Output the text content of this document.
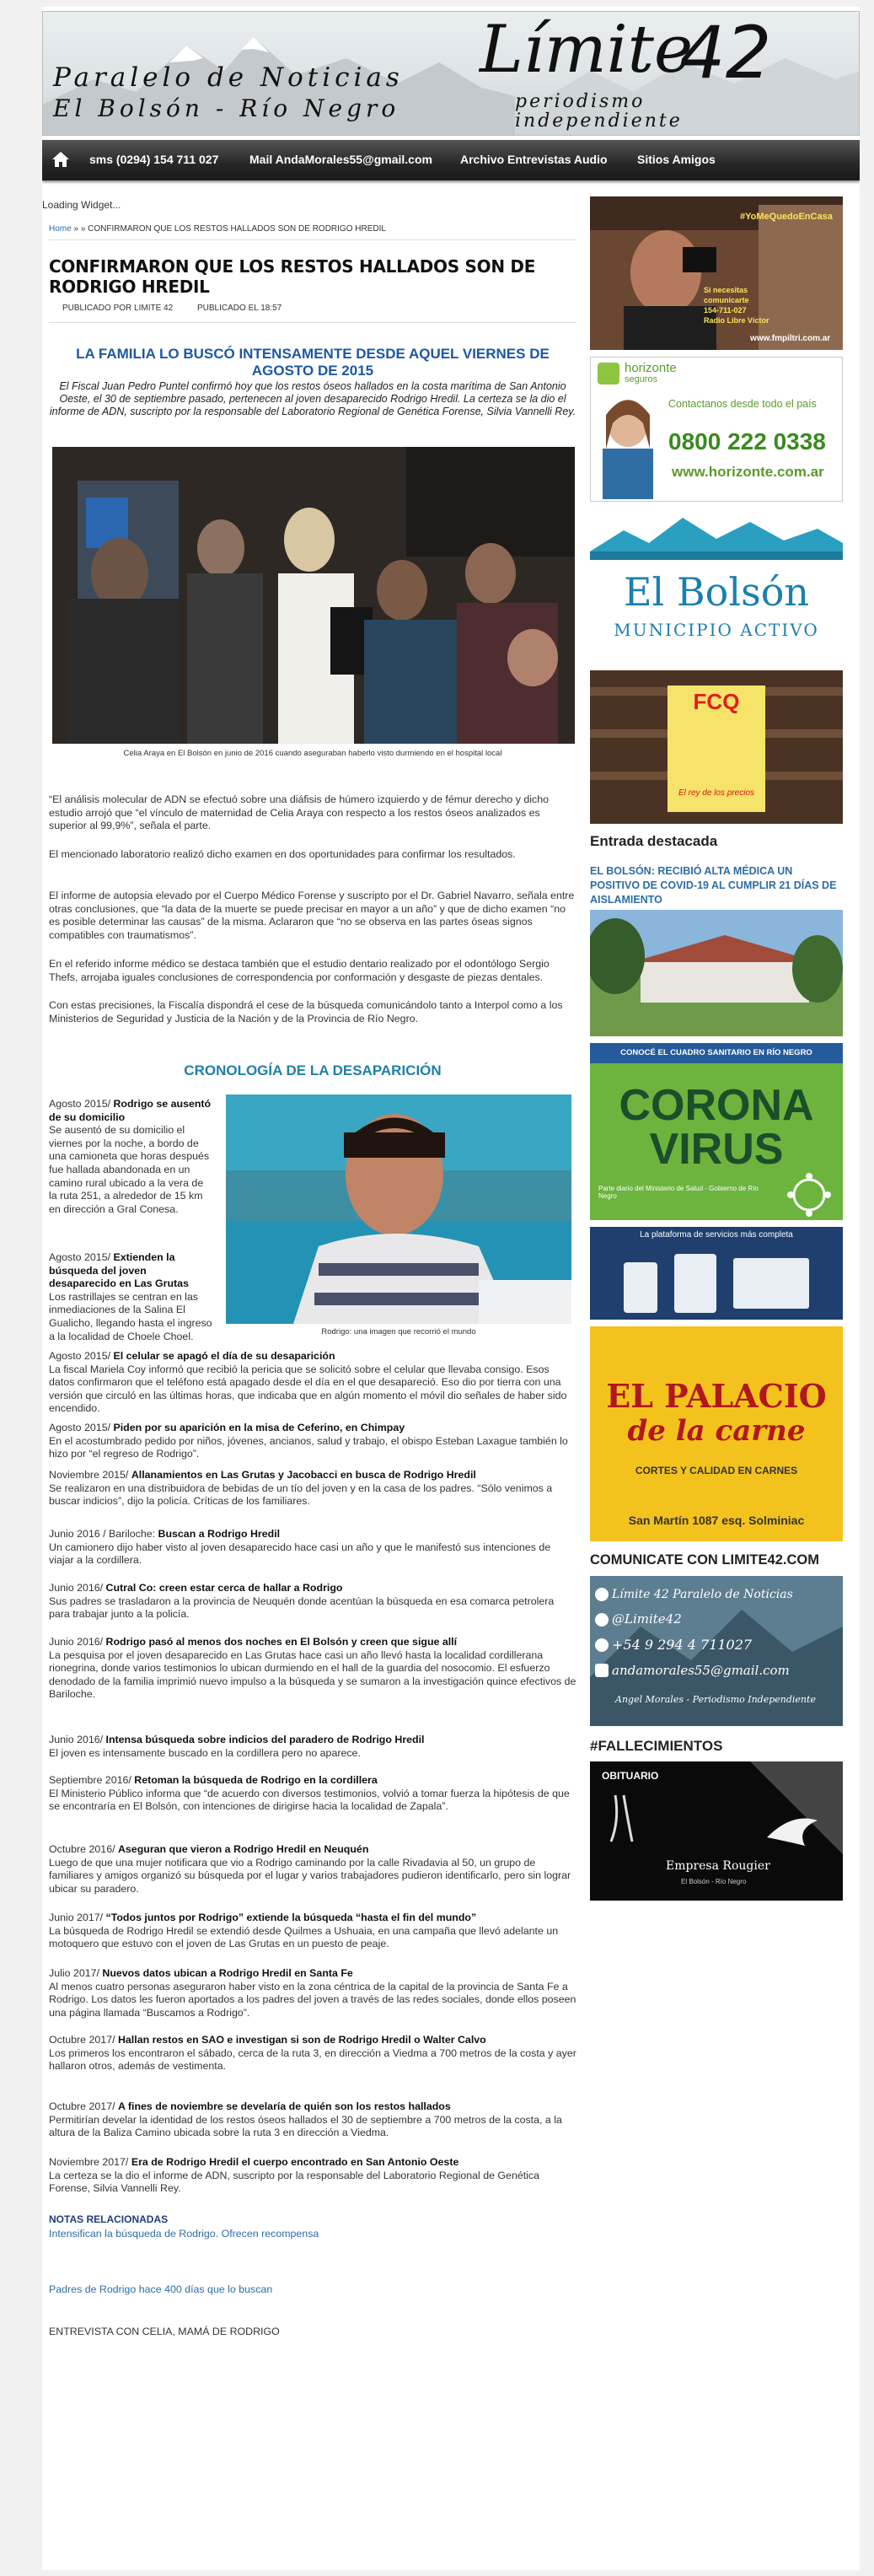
Paralelo de Noticias
El Bolsón - Río Negro
Límite
42
periodismo
independiente
sms (0294) 154 711 027	Mail AndaMorales55@gmail.com Archivo Entrevistas Audio	Sitios Amigos
Loading Widget...
Home » » CONFIRMARON QUE LOS RESTOS HALLADOS SON DE RODRIGO HREDIL
CONFIRMARON QUE LOS RESTOS HALLADOS SON DE RODRIGO HREDIL
PUBLICADO POR LIMITE 42	PUBLICADO EL 18:57
LA FAMILIA LO BUSCÓ INTENSAMENTE DESDE AQUEL VIERNES DE AGOSTO DE 2015
El Fiscal Juan Pedro Puntel confirmó hoy que los restos óseos hallados en la costa marítima de San Antonio Oeste, el 30 de septiembre pasado, pertenecen al joven desaparecido Rodrigo Hredil. La certeza se la dio el informe de ADN, suscripto por la responsable del Laboratorio Regional de Genética Forense, Silvia Vannelli Rey.
Celia Araya en El Bolsón en junio de 2016 cuando aseguraban haberlo visto durmiendo en el hospital local
“El análisis molecular de ADN se efectuó sobre una diáfisis de húmero izquierdo y de fémur derecho y dicho estudio arrojó que “el vínculo de maternidad de Celia Araya con respecto a los restos óseos analizados es superior al 99,9%”, señala el parte.
El mencionado laboratorio realizó dicho examen en dos oportunidades para confirmar los resultados.
El informe de autopsia elevado por el Cuerpo Médico Forense y suscripto por el Dr. Gabriel Navarro, señala entre otras conclusiones, que “la data de la muerte se puede precisar en mayor a un año” y que de dicho examen “no es posible determinar las causas” de la misma. Aclararon que “no se observa en las partes óseas signos compatibles con traumatismos”.
En el referido informe médico se destaca también que el estudio dentario realizado por el odontólogo Sergio Thefs, arrojaba iguales conclusiones de correspondencia por conformación y desgaste de piezas dentales.
Con estas precisiones, la Fiscalía dispondrá el cese de la búsqueda comunicándolo tanto a Interpol como a los Ministerios de Seguridad y Justicia de la Nación y de la Provincia de Río Negro.
CRONOLOGÍA DE LA DESAPARICIÓN
Rodrigo: una imagen que recorrió el mundo
Agosto 2015/ Rodrigo se ausentó de su domicilio
Se ausentó de su domicilio el viernes por la noche, a bordo de una camioneta que horas después fue hallada abandonada en un camino rural ubicado a la vera de la ruta 251, a alrededor de 15 km en dirección a Gral Conesa.
Agosto 2015/ Extienden la búsqueda del joven desaparecido en Las Grutas
Los rastrillajes se centran en las inmediaciones de la Salina El Gualicho, llegando hasta el ingreso a la localidad de Choele Choel.
Agosto 2015/ El celular se apagó el día de su desaparición
La fiscal Mariela Coy informó que recibió la pericia que se solicitó sobre el celular que llevaba consigo. Esos datos confirmaron que el teléfono está apagado desde el día en el que desapareció. Eso dio por tierra con una versión que circuló en las últimas horas, que indicaba que en algún momento el móvil dio señales de haber sido encendido.
Agosto 2015/ Piden por su aparición en la misa de Ceferino, en Chimpay
En el acostumbrado pedido por niños, jóvenes, ancianos, salud y trabajo, el obispo Esteban Laxague también lo hizo por “el regreso de Rodrigo”.
Noviembre 2015/ Allanamientos en Las Grutas y Jacobacci en busca de Rodrigo Hredil
Se realizaron en una distribuidora de bebidas de un tío del joven y en la casa de los padres. “Sólo venimos a buscar indicios”, dijo la policía. Críticas de los familiares.
Junio 2016 / Bariloche: Buscan a Rodrigo Hredil
Un camionero dijo haber visto al joven desaparecido hace casi un año y que le manifestó sus intenciones de viajar a la cordillera.
Junio 2016/ Cutral Co: creen estar cerca de hallar a Rodrigo
Sus padres se trasladaron a la provincia de Neuquén donde acentúan la búsqueda en esa comarca petrolera para trabajar junto a la policía.
Junio 2016/ Rodrigo pasó al menos dos noches en El Bolsón y creen que sigue allí
La pesquisa por el joven desaparecido en Las Grutas hace casi un año llevó hasta la localidad cordillerana rionegrina, donde varios testimonios lo ubican durmiendo en el hall de la guardia del nosocomio. El esfuerzo denodado de la familia imprimió nuevo impulso a la búsqueda y se sumaron a la investigación quince efectivos de Bariloche.
Junio 2016/ Intensa búsqueda sobre indicios del paradero de Rodrigo Hredil
El joven es intensamente buscado en la cordillera pero no aparece.
Septiembre 2016/ Retoman la búsqueda de Rodrigo en la cordillera
El Ministerio Público informa que “de acuerdo con diversos testimonios, volvió a tomar fuerza la hipótesis de que se encontraría en El Bolsón, con intenciones de dirigirse hacia la localidad de Zapala”.
Octubre 2016/ Aseguran que vieron a Rodrigo Hredil en Neuquén
Luego de que una mujer notificara que vio a Rodrigo caminando por la calle Rivadavia al 50, un grupo de familiares y amigos organizó su búsqueda por el lugar y varios trabajadores pudieron identificarlo, pero sin lograr ubicar su paradero.
Junio 2017/ “Todos juntos por Rodrigo” extiende la búsqueda “hasta el fin del mundo”
La búsqueda de Rodrigo Hredil se extendió desde Quilmes a Ushuaia, en una campaña que llevó adelante un motoquero que estuvo con el joven de Las Grutas en un puesto de peaje.
Julio 2017/ Nuevos datos ubican a Rodrigo Hredil en Santa Fe
Al menos cuatro personas aseguraron haber visto en la zona céntrica de la capital de la provincia de Santa Fe a Rodrigo. Los datos les fueron aportados a los padres del joven a través de las redes sociales, donde ellos poseen una página llamada “Buscamos a Rodrigo”.
Octubre 2017/ Hallan restos en SAO e investigan si son de Rodrigo Hredil o Walter Calvo
Los primeros los encontraron el sábado, cerca de la ruta 3, en dirección a Viedma a 700 metros de la costa y ayer hallaron otros, además de vestimenta.
Octubre 2017/ A fines de noviembre se develaría de quién son los restos hallados
Permitirían develar la identidad de los restos óseos hallados el 30 de septiembre a 700 metros de la costa, a la altura de la Baliza Camino ubicada sobre la ruta 3 en dirección a Viedma.
Noviembre 2017/ Era de Rodrigo Hredil el cuerpo encontrado en San Antonio Oeste
La certeza se la dio el informe de ADN, suscripto por la responsable del Laboratorio Regional de Genética Forense, Silvia Vannelli Rey.
NOTAS RELACIONADAS
Intensifican la búsqueda de Rodrigo. Ofrecen recompensa
Padres de Rodrigo hace 400 días que lo buscan
ENTREVISTA CON CELIA, MAMÁ DE RODRIGO
#YoMeQuedoEnCasa
Si necesitas
comunicarte
154-711-027
Radio Libre Víctor
www.fmpiltri.com.ar
horizonte
seguros
Contactanos desde todo el país
0800 222 0338
www.horizonte.com.ar
El Bolsón
MUNICIPIO ACTIVO
FCQ
El rey de los precios
Entrada destacada
EL BOLSÓN: RECIBIÓ ALTA MÉDICA UN POSITIVO DE COVID-19 AL CUMPLIR 21 DÍAS DE AISLAMIENTO
CONOCÉ EL CUADRO SANITARIO EN RÍO NEGRO
CORONA
VIRUS
Parte diario del Ministerio de Salud - Gobierno de Río Negro
La plataforma de servicios más completa
EL PALACIO
de la carne
CORTES Y CALIDAD EN CARNES
San Martín 1087 esq. Solminiac
COMUNICATE CON LIMITE42.COM
Límite 42 Paralelo de Noticias
@Limite42
+54 9 294 4 711027
andamorales55@gmail.com
Angel Morales - Periodismo Independiente
#FALLECIMIENTOS
OBITUARIO
Empresa Rougier
El Bolsón - Río Negro
